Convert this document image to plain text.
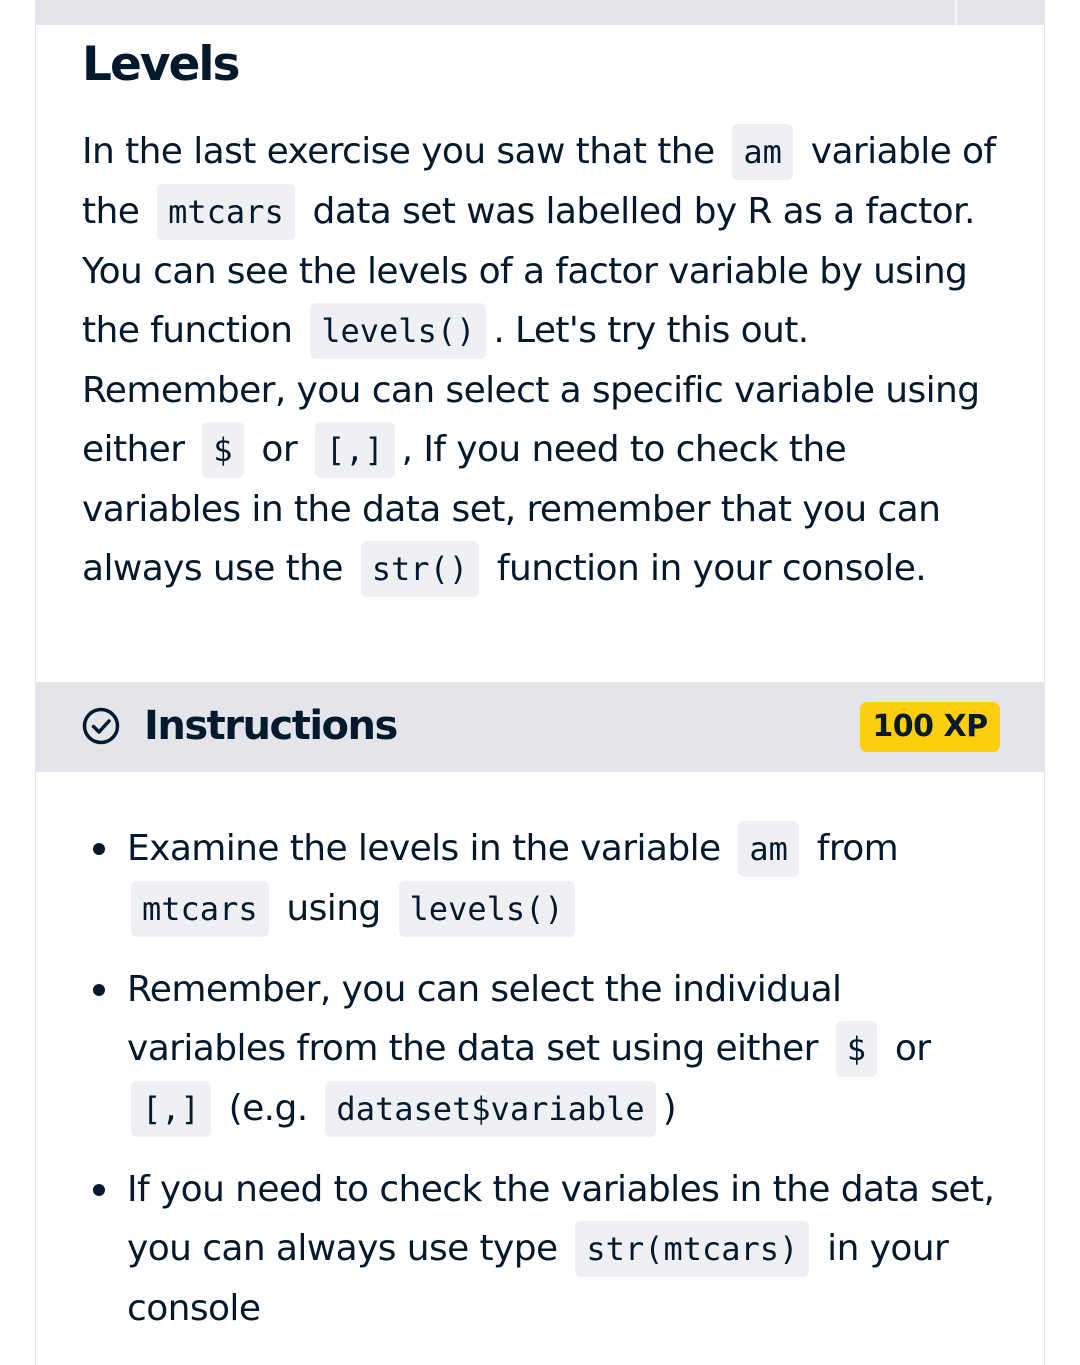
Levels

In the last exercise you saw that the am variable of the mtcars data set was labelled by R as a factor. You can see the levels of a factor variable by using the function levels() . Let's try this out. Remember, you can select a specific variable using either $ or [,] , If you need to check the variables in the data set, remember that you can always use the str() function in your console.

Instructions	100 XP
Examine the levels in the variable am from
mtcars using levels()
Remember, you can select the individual variables from the data set using either $ or
[,] (e.g. dataset$variable )
If you need to check the variables in the data set, you can always use type str(mtcars) in your console
